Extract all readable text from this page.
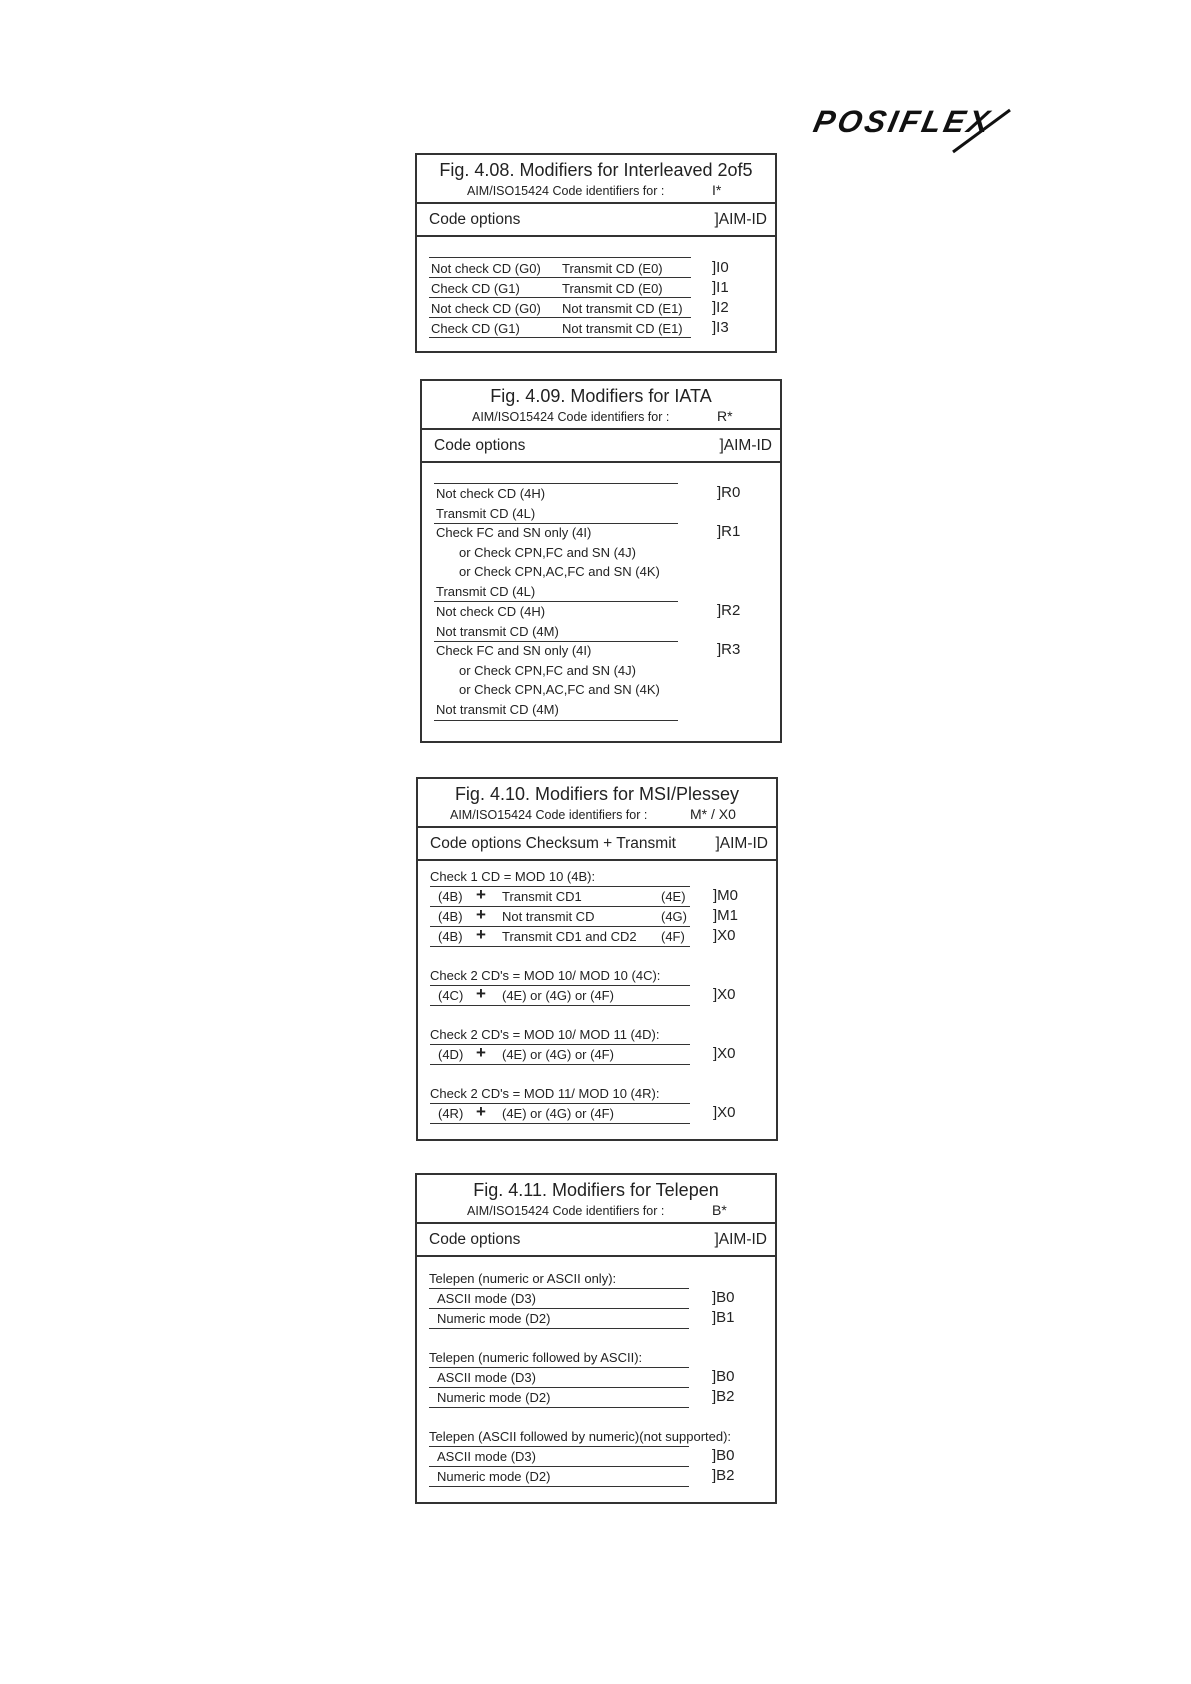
POSIFLEX
Fig. 4.08. Modifiers for Interleaved 2of5
AIM/ISO15424 Code identifiers for :	I*
Code options	]AIM-ID
Not check CD (G0) Transmit CD (E0)	]I0
Check CD (G1)	Transmit CD (E0)	]I1
Not check CD (G0) Not transmit CD (E1) ]I2
Check CD (G1)	Not transmit CD (E1) ]I3
Fig. 4.09. Modifiers for IATA
AIM/ISO15424 Code identifiers for :	R*
Code options	]AIM-ID
Not check CD (4H)	]R0
Transmit CD (4L)
Check FC and SN only (4I)	]R1
or Check CPN,FC and SN (4J)
or Check CPN,AC,FC and SN (4K)
Transmit CD (4L)
Not check CD (4H)	]R2
Not transmit CD (4M)
Check FC and SN only (4I)	]R3
or Check CPN,FC and SN (4J)
or Check CPN,AC,FC and SN (4K)
Not transmit CD (4M)
Fig. 4.10. Modifiers for MSI/Plessey
AIM/ISO15424 Code identifiers for :	M* / X0
Code options Checksum + Transmit	]AIM-ID
Check 1 CD = MOD 10 (4B):
(4B) + Transmit CD1	(4E) ]M0
(4B) + Not transmit CD	(4G) ]M1
(4B) + Transmit CD1 and CD2 (4F) ]X0
Check 2 CD's = MOD 10/ MOD 10 (4C):
(4C) + (4E) or (4G) or (4F)	]X0
Check 2 CD's = MOD 10/ MOD 11 (4D):
(4D) + (4E) or (4G) or (4F)	]X0
Check 2 CD's = MOD 11/ MOD 10 (4R):
(4R) + (4E) or (4G) or (4F)	]X0
Fig. 4.11. Modifiers for Telepen
AIM/ISO15424 Code identifiers for :	B*
Code options	]AIM-ID
Telepen (numeric or ASCII only):
ASCII mode (D3)	]B0
Numeric mode (D2)	]B1
Telepen (numeric followed by ASCII):
ASCII mode (D3)	]B0
Numeric mode (D2)	]B2
Telepen (ASCII followed by numeric)(not supported):
ASCII mode (D3)	]B0
Numeric mode (D2)	]B2
